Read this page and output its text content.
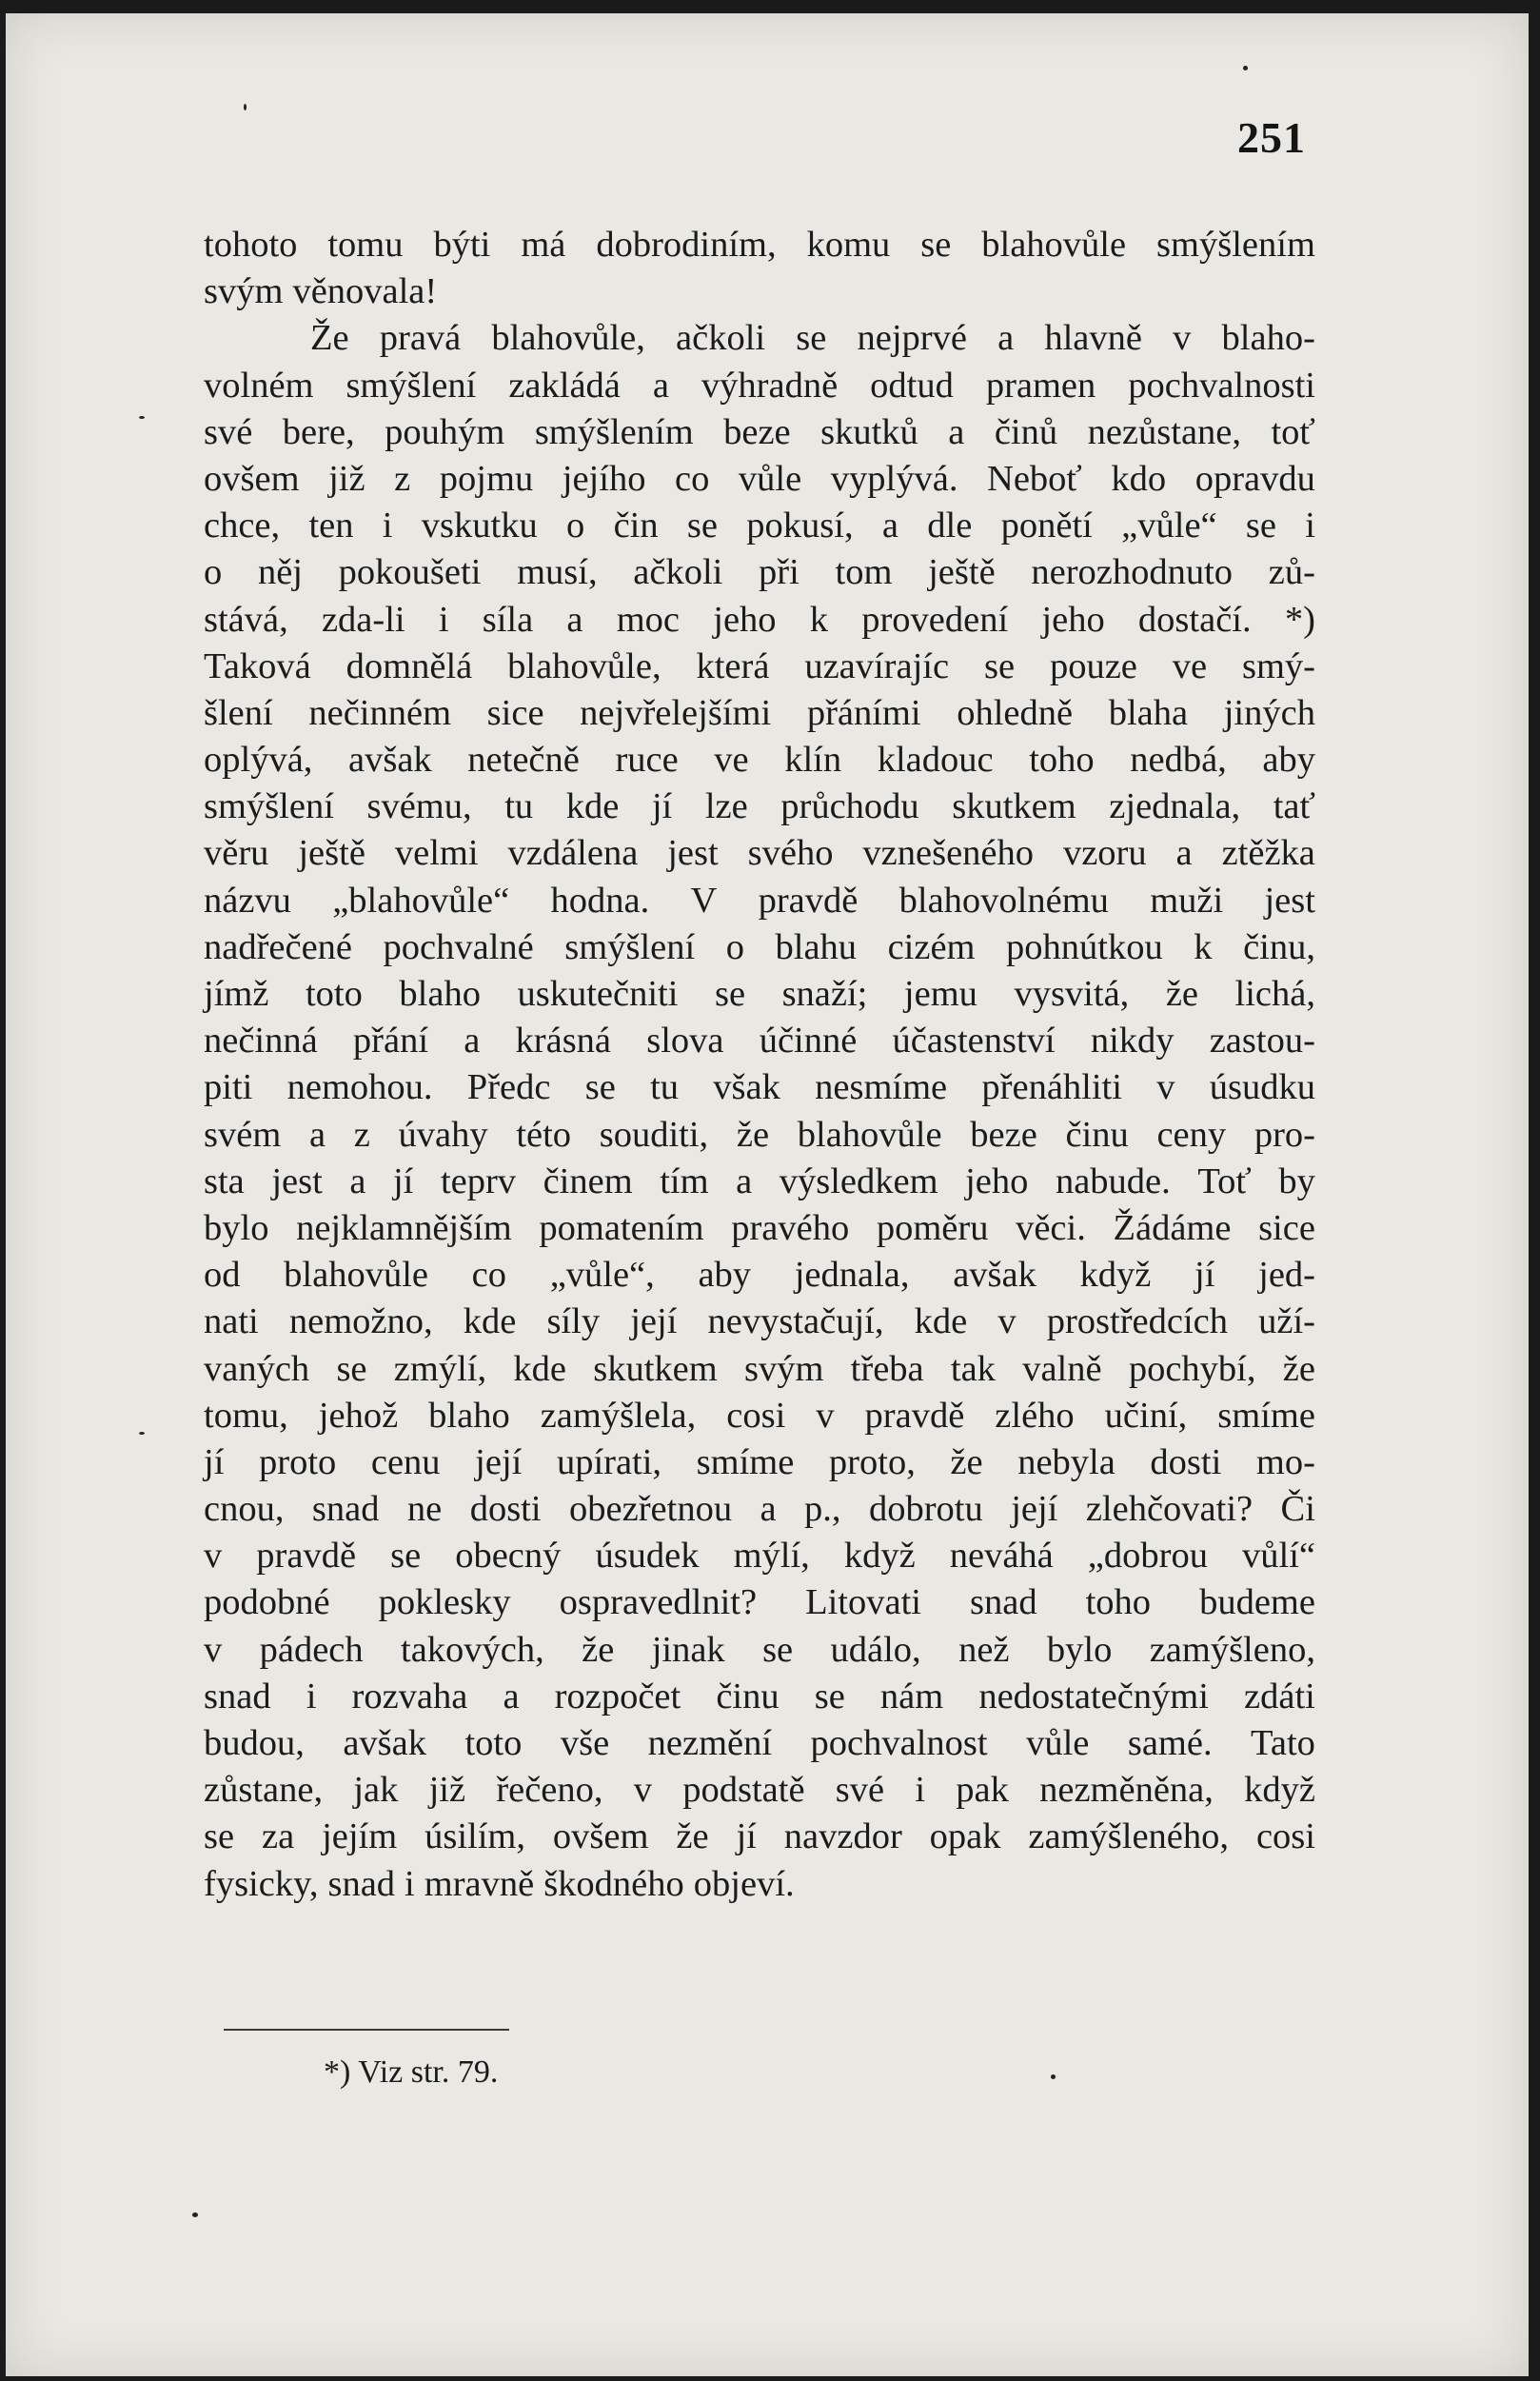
251
tohoto tomu býti má dobrodiním, komu se blahovůle smýšlením
svým věnovala!
Že pravá blahovůle, ačkoli se nejprvé a hlavně v blaho-
volném smýšlení zakládá a výhradně odtud pramen pochvalnosti
své bere, pouhým smýšlením beze skutků a činů nezůstane, toť
ovšem již z pojmu jejího co vůle vyplývá. Neboť kdo opravdu
chce, ten i vskutku o čin se pokusí, a dle ponětí „vůle“ se i
o něj pokoušeti musí, ačkoli při tom ještě nerozhodnuto zů-
stává, zda-li i síla a moc jeho k provedení jeho dostačí. *)
Taková domnělá blahovůle, která uzavírajíc se pouze ve smý-
šlení nečinném sice nejvřelejšími přáními ohledně blaha jiných
oplývá, avšak netečně ruce ve klín kladouc toho nedbá, aby
smýšlení svému, tu kde jí lze průchodu skutkem zjednala, tať
věru ještě velmi vzdálena jest svého vznešeného vzoru a ztěžka
názvu „blahovůle“ hodna. V pravdě blahovolnému muži jest
nadřečené pochvalné smýšlení o blahu cizém pohnútkou k činu,
jímž toto blaho uskutečniti se snaží; jemu vysvitá, že lichá,
nečinná přání a krásná slova účinné účastenství nikdy zastou-
piti nemohou. Předc se tu však nesmíme přenáhliti v úsudku
svém a z úvahy této souditi, že blahovůle beze činu ceny pro-
sta jest a jí teprv činem tím a výsledkem jeho nabude. Toť by
bylo nejklamnějším pomatením pravého poměru věci. Žádáme sice
od blahovůle co „vůle“, aby jednala, avšak když jí jed-
nati nemožno, kde síly její nevystačují, kde v prostředcích uží-
vaných se zmýlí, kde skutkem svým třeba tak valně pochybí, že
tomu, jehož blaho zamýšlela, cosi v pravdě zlého učiní, smíme
jí proto cenu její upírati, smíme proto, že nebyla dosti mo-
cnou, snad ne dosti obezřetnou a p., dobrotu její zlehčovati? Či
v pravdě se obecný úsudek mýlí, když neváhá „dobrou vůlí“
podobné poklesky ospravedlnit? Litovati snad toho budeme
v pádech takových, že jinak se událo, než bylo zamýšleno,
snad i rozvaha a rozpočet činu se nám nedostatečnými zdáti
budou, avšak toto vše nezmění pochvalnost vůle samé. Tato
zůstane, jak již řečeno, v podstatě své i pak nezměněna, když
se za jejím úsilím, ovšem že jí navzdor opak zamýšleného, cosi
fysicky, snad i mravně škodného objeví.
*) Viz str. 79.
